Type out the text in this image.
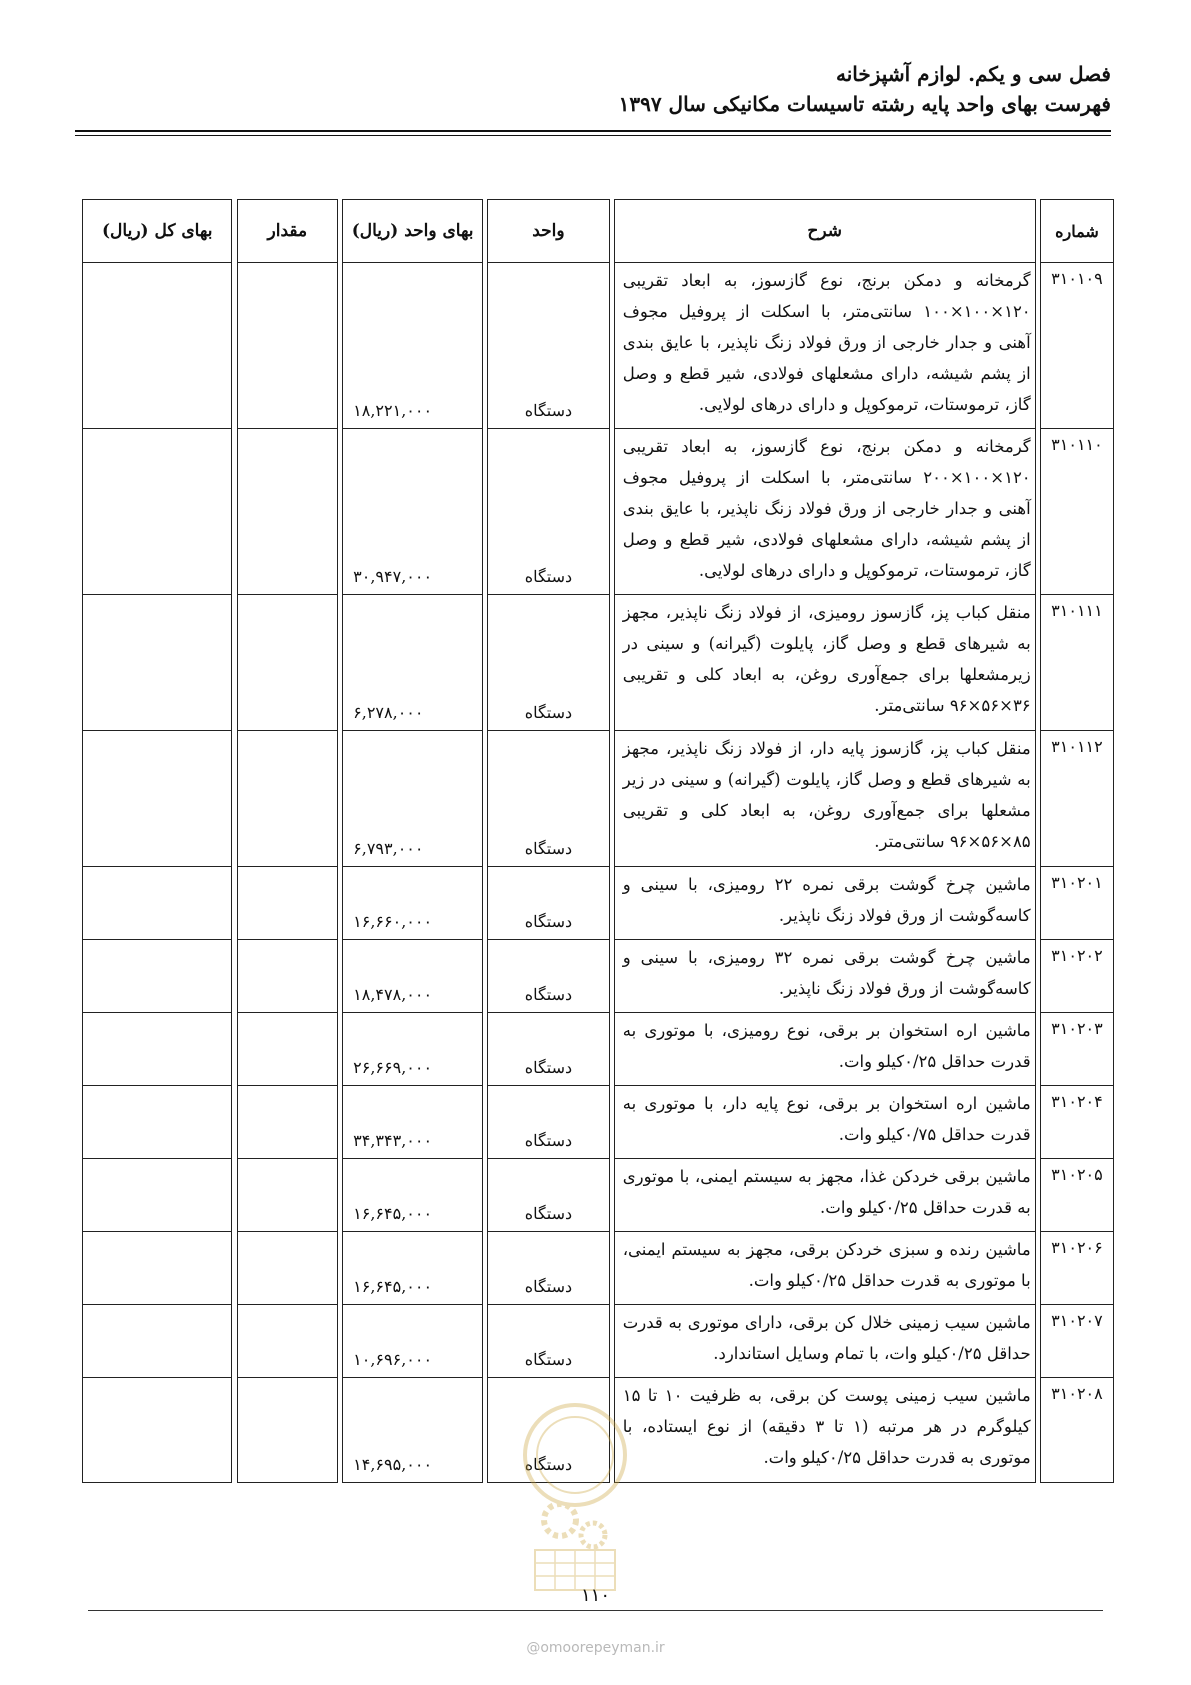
فصل سی و یکم. لوازم آشپزخانه
فهرست بهای واحد پایه رشته تاسیسات مکانیکی سال ۱۳۹۷
شماره		شرح		واحد		بهای واحد (ریال)		مقدار		بهای کل (ریال)
۳۱۰۱۰۹		گرمخانه و دمکن برنج، نوع گازسوز، به ابعاد تقریبی ۱۲۰×۱۰۰×۱۰۰ سانتی‌متر، با اسکلت از پروفیل مجوف آهنی و جدار خارجی از ورق فولاد زنگ ناپذیر، با عایق بندی از پشم شیشه، دارای مشعلهای فولادی، شیر قطع و وصل گاز، ترموستات، ترموکوپل و دارای درهای لولایی.		دستگاه		۱۸,۲۲۱,۰۰۰				
۳۱۰۱۱۰		گرمخانه و دمکن برنج، نوع گازسوز، به ابعاد تقریبی ۱۲۰×۱۰۰×۲۰۰ سانتی‌متر، با اسکلت از پروفیل مجوف آهنی و جدار خارجی از ورق فولاد زنگ ناپذیر، با عایق بندی از پشم شیشه، دارای مشعلهای فولادی، شیر قطع و وصل گاز، ترموستات، ترموکوپل و دارای درهای لولایی.		دستگاه		۳۰,۹۴۷,۰۰۰				
۳۱۰۱۱۱		منقل کباب پز، گازسوز رومیزی، از فولاد زنگ ناپذیر، مجهز به شیرهای قطع و وصل گاز، پایلوت (گیرانه) و سینی در زیرمشعلها برای جمع‌آوری روغن، به ابعاد کلی و تقریبی ۳۶×۵۶×۹۶ سانتی‌متر.		دستگاه		۶,۲۷۸,۰۰۰				
۳۱۰۱۱۲		منقل کباب پز، گازسوز پایه دار، از فولاد زنگ ناپذیر، مجهز به شیرهای قطع و وصل گاز، پایلوت (گیرانه) و سینی در زیر مشعلها برای جمع‌آوری روغن، به ابعاد کلی و تقریبی ۸۵×۵۶×۹۶ سانتی‌متر.		دستگاه		۶,۷۹۳,۰۰۰				
۳۱۰۲۰۱		ماشین چرخ گوشت برقی نمره ۲۲ رومیزی، با سینی و کاسه‌گوشت از ورق فولاد زنگ ناپذیر.		دستگاه		۱۶,۶۶۰,۰۰۰				
۳۱۰۲۰۲		ماشین چرخ گوشت برقی نمره ۳۲ رومیزی، با سینی و کاسه‌گوشت از ورق فولاد زنگ ناپذیر.		دستگاه		۱۸,۴۷۸,۰۰۰				
۳۱۰۲۰۳		ماشین اره استخوان بر برقی، نوع رومیزی، با موتوری به قدرت حداقل ۰/۲۵کیلو وات.		دستگاه		۲۶,۶۶۹,۰۰۰				
۳۱۰۲۰۴		ماشین اره استخوان بر برقی، نوع پایه دار، با موتوری به قدرت حداقل ۰/۷۵کیلو وات.		دستگاه		۳۴,۳۴۳,۰۰۰				
۳۱۰۲۰۵		ماشین برقی خردکن غذا، مجهز به سیستم ایمنی، با موتوری به قدرت حداقل ۰/۲۵کیلو وات.		دستگاه		۱۶,۶۴۵,۰۰۰				
۳۱۰۲۰۶		ماشین رنده و سبزی خردکن برقی، مجهز به سیستم ایمنی، با موتوری به قدرت حداقل ۰/۲۵کیلو وات.		دستگاه		۱۶,۶۴۵,۰۰۰				
۳۱۰۲۰۷		ماشین سیب زمینی خلال کن برقی، دارای موتوری به قدرت حداقل ۰/۲۵کیلو وات، با تمام وسایل استاندارد.		دستگاه		۱۰,۶۹۶,۰۰۰				
۳۱۰۲۰۸		ماشین سیب زمینی پوست کن برقی، به ظرفیت ۱۰ تا ۱۵ کیلوگرم در هر مرتبه (۱ تا ۳ دقیقه) از نوع ایستاده، با موتوری به قدرت حداقل ۰/۲۵کیلو وات.		دستگاه		۱۴,۶۹۵,۰۰۰				
۱۱۰
@omoorepeyman.ir
